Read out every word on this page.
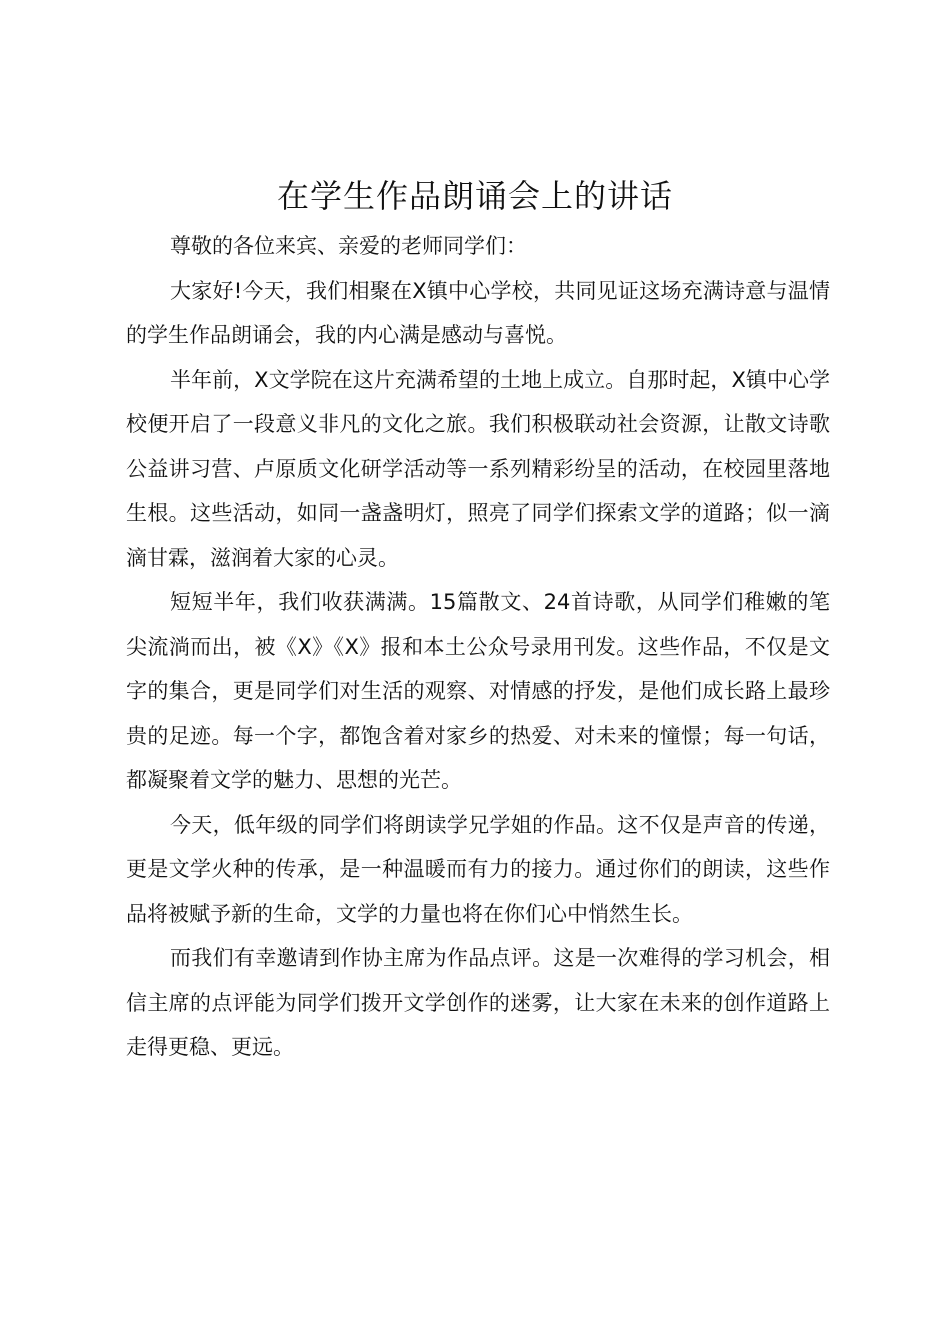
在学生作品朗诵会上的讲话

尊敬的各位来宾、亲爱的老师同学们：

大家好!今天，我们相聚在X镇中心学校，共同见证这场充满诗意与温情的学生作品朗诵会，我的内心满是感动与喜悦。

半年前，X文学院在这片充满希望的土地上成立。自那时起，X镇中心学校便开启了一段意义非凡的文化之旅。我们积极联动社会资源，让散文诗歌公益讲习营、卢原质文化研学活动等一系列精彩纷呈的活动，在校园里落地生根。这些活动，如同一盏盏明灯，照亮了同学们探索文学的道路；似一滴滴甘霖，滋润着大家的心灵。

短短半年，我们收获满满。15篇散文、24首诗歌，从同学们稚嫩的笔尖流淌而出，被《X》《X》报和本土公众号录用刊发。这些作品，不仅是文字的集合，更是同学们对生活的观察、对情感的抒发，是他们成长路上最珍贵的足迹。每一个字，都饱含着对家乡的热爱、对未来的憧憬；每一句话，都凝聚着文学的魅力、思想的光芒。

今天，低年级的同学们将朗读学兄学姐的作品。这不仅是声音的传递，更是文学火种的传承，是一种温暖而有力的接力。通过你们的朗读，这些作品将被赋予新的生命，文学的力量也将在你们心中悄然生长。

而我们有幸邀请到作协主席为作品点评。这是一次难得的学习机会，相信主席的点评能为同学们拨开文学创作的迷雾，让大家在未来的创作道路上走得更稳、更远。
